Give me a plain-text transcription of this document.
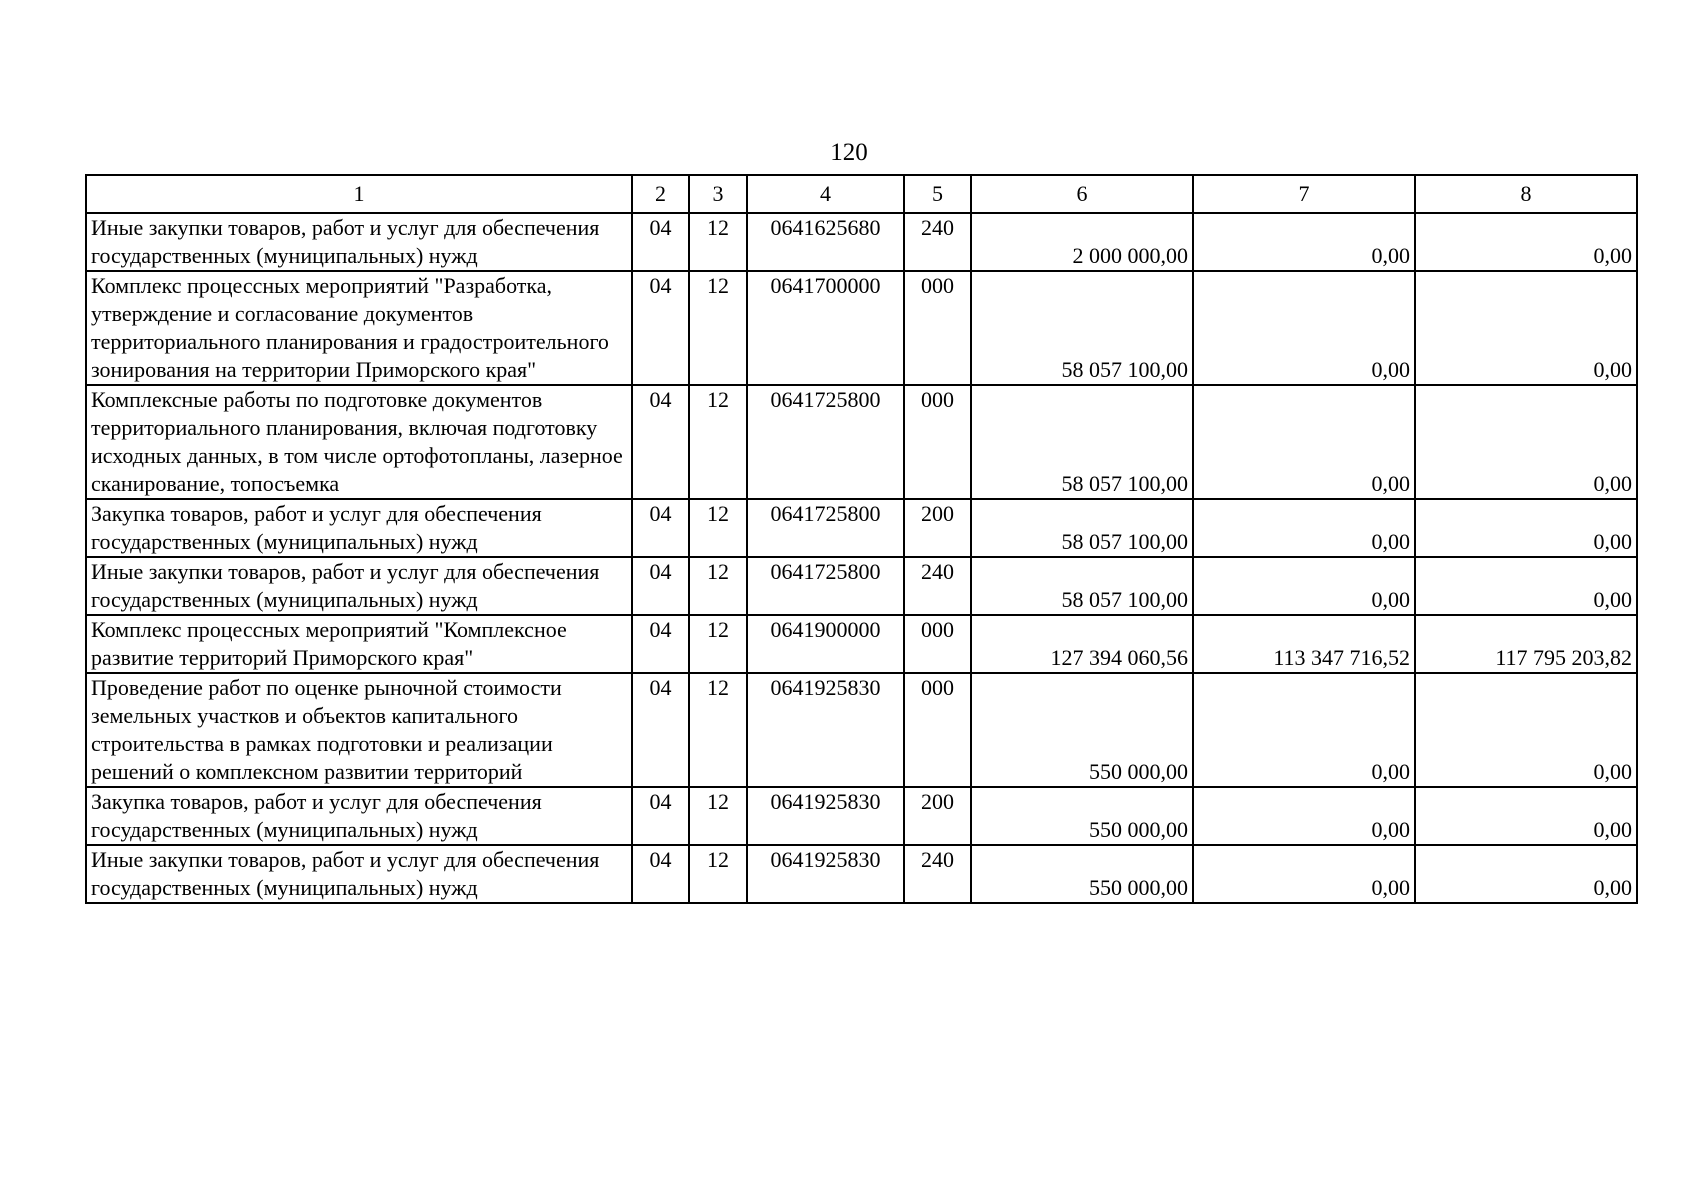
120
1	2	3	4	5	6	7	8
Иные закупки товаров, работ и услуг для обеспечения государственных (муниципальных) нужд	04	12	0641625680	240	2 000 000,00	0,00	0,00
Комплекс процессных мероприятий "Разработка, утверждение и согласование документов территориального планирования и градостроительного зонирования на территории Приморского края"	04	12	0641700000	000	58 057 100,00	0,00	0,00
Комплексные работы по подготовке документов территориального планирования, включая подготовку исходных данных, в том числе ортофотопланы, лазерное сканирование, топосъемка	04	12	0641725800	000	58 057 100,00	0,00	0,00
Закупка товаров, работ и услуг для обеспечения государственных (муниципальных) нужд	04	12	0641725800	200	58 057 100,00	0,00	0,00
Иные закупки товаров, работ и услуг для обеспечения государственных (муниципальных) нужд	04	12	0641725800	240	58 057 100,00	0,00	0,00
Комплекс процессных мероприятий "Комплексное развитие территорий Приморского края"	04	12	0641900000	000	127 394 060,56	113 347 716,52	117 795 203,82
Проведение работ по оценке рыночной стоимости земельных участков и объектов капитального строительства в рамках подготовки и реализации решений о комплексном развитии территорий	04	12	0641925830	000	550 000,00	0,00	0,00
Закупка товаров, работ и услуг для обеспечения государственных (муниципальных) нужд	04	12	0641925830	200	550 000,00	0,00	0,00
Иные закупки товаров, работ и услуг для обеспечения государственных (муниципальных) нужд	04	12	0641925830	240	550 000,00	0,00	0,00
